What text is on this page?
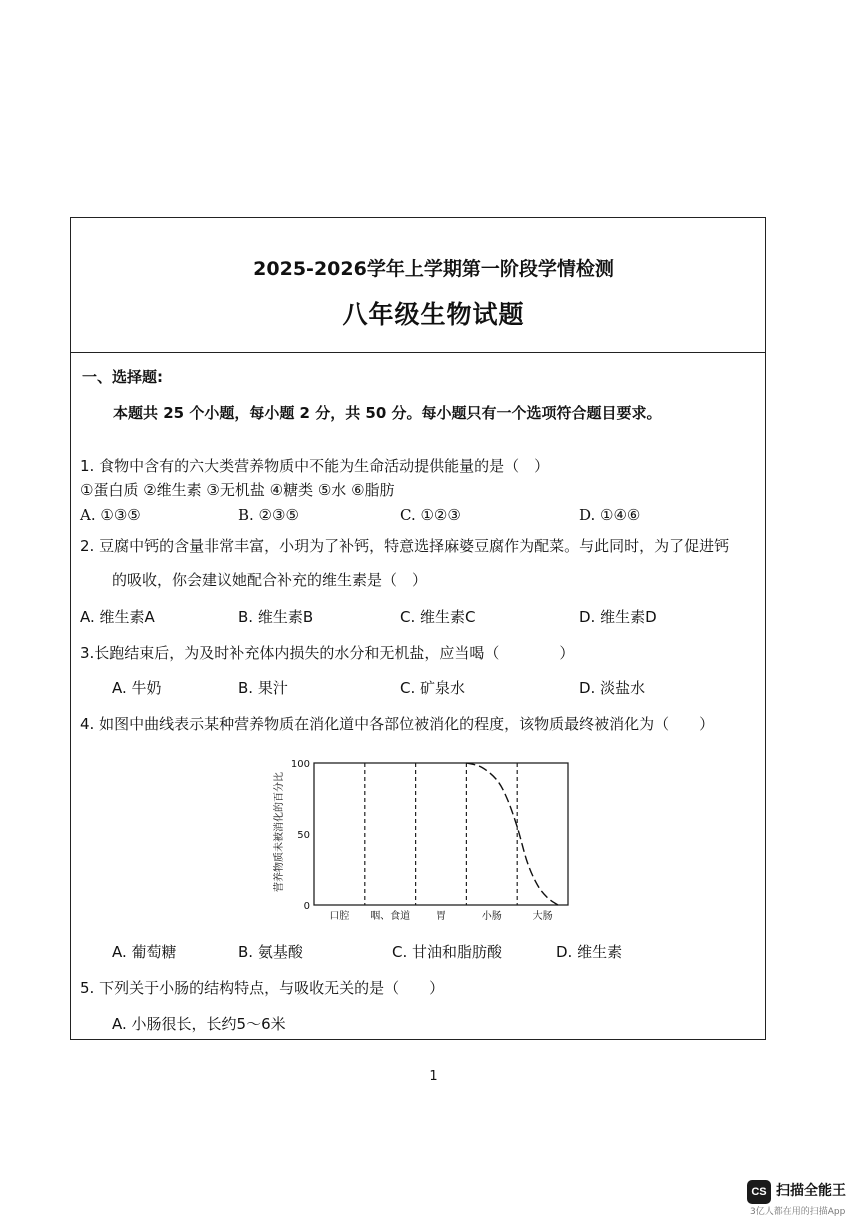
2025-2026学年上学期第一阶段学情检测
八年级生物试题
一、选择题:
本题共 25 个小题，每小题 2 分，共 50 分。每小题只有一个选项符合题目要求。
1. 食物中含有的六大类营养物质中不能为生命活动提供能量的是（　）
①蛋白质 ②维生素 ③无机盐 ④糖类 ⑤水 ⑥脂肪
A. ①③⑤	B. ②③⑤	C. ①②③	D. ①④⑥
2. 豆腐中钙的含量非常丰富，小玥为了补钙，特意选择麻婆豆腐作为配菜。与此同时，为了促进钙
的吸收，你会建议她配合补充的维生素是（　）
A. 维生素A	B. 维生素B	C. 维生素C	D. 维生素D
3.长跑结束后，为及时补充体内损失的水分和无机盐，应当喝（　　　　）
A. 牛奶	B. 果汁	C. 矿泉水	D. 淡盐水
4. 如图中曲线表示某种营养物质在消化道中各部位被消化的程度，该物质最终被消化为（　　）
营养物质未被消化的百分比
100
50
0
口腔 咽、食道	胃	小肠	大肠
A. 葡萄糖	B. 氨基酸	C. 甘油和脂肪酸	D. 维生素
5. 下列关于小肠的结构特点，与吸收无关的是（　　）
A. 小肠很长，长约5～6米
1
CS 扫描全能王
3亿人都在用的扫描App
